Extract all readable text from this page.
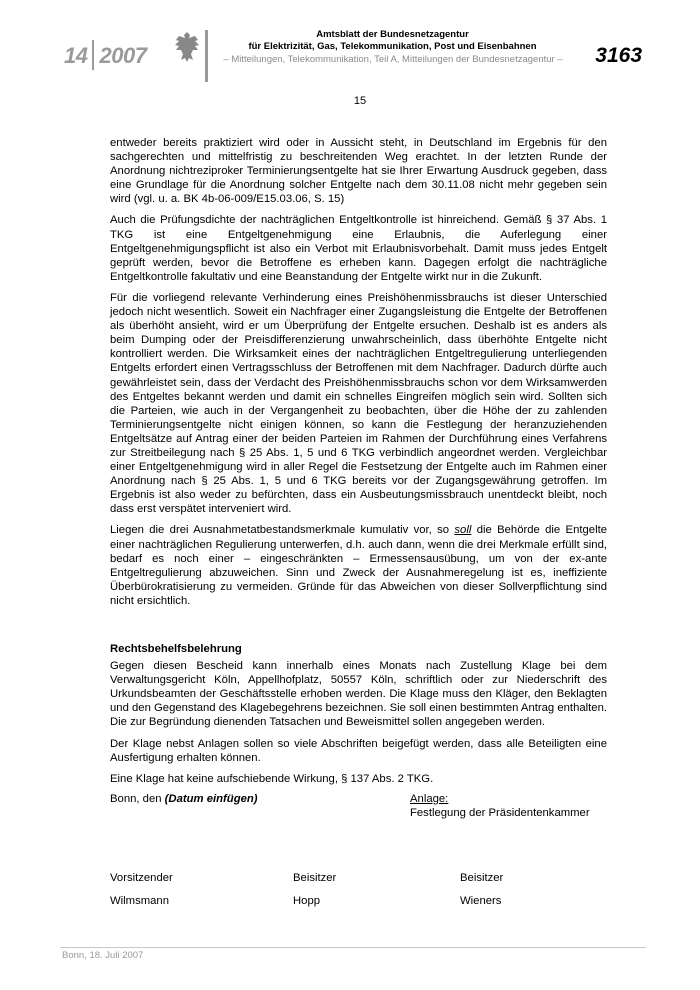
14 2007
Amtsblatt der Bundesnetzagentur
für Elektrizität, Gas, Telekommunikation, Post und Eisenbahnen
– Mitteilungen, Telekommunikation, Teil A, Mitteilungen der Bundesnetzagentur –	3163
15

entweder bereits praktiziert wird oder in Aussicht steht, in Deutschland im Ergebnis für den sachgerechten und mittelfristig zu beschreitenden Weg erachtet. In der letzten Runde der Anordnung nichtreziproker Terminierungsentgelte hat sie Ihrer Erwartung Ausdruck gegeben, dass eine Grundlage für die Anordnung solcher Entgelte nach dem 30.11.08 nicht mehr gegeben sein wird (vgl. u. a. BK 4b-06-009/E15.03.06, S. 15)

Auch die Prüfungsdichte der nachträglichen Entgeltkontrolle ist hinreichend. Gemäß § 37 Abs. 1 TKG ist eine Entgeltgenehmigung eine Erlaubnis, die Auferlegung einer Entgeltgenehmigungspflicht ist also ein Verbot mit Erlaubnisvorbehalt. Damit muss jedes Entgelt geprüft werden, bevor die Betroffene es erheben kann. Dagegen erfolgt die nachträgliche Entgeltkontrolle fakultativ und eine Beanstandung der Entgelte wirkt nur in die Zukunft.

Für die vorliegend relevante Verhinderung eines Preishöhenmissbrauchs ist dieser Unterschied jedoch nicht wesentlich. Soweit ein Nachfrager einer Zugangsleistung die Entgelte der Betroffenen als überhöht ansieht, wird er um Überprüfung der Entgelte ersuchen. Deshalb ist es anders als beim Dumping oder der Preisdifferenzierung unwahrscheinlich, dass überhöhte Entgelte nicht kontrolliert werden. Die Wirksamkeit eines der nachträglichen Entgeltregulierung unterliegenden Entgelts erfordert einen Vertragsschluss der Betroffenen mit dem Nachfrager. Dadurch dürfte auch gewährleistet sein, dass der Verdacht des Preishöhenmissbrauchs schon vor dem Wirksamwerden des Entgeltes bekannt werden und damit ein schnelles Eingreifen möglich sein wird. Sollten sich die Parteien, wie auch in der Vergangenheit zu beobachten, über die Höhe der zu zahlenden Terminierungsentgelte nicht einigen können, so kann die Festlegung der heranzuziehenden Entgeltsätze auf Antrag einer der beiden Parteien im Rahmen der Durchführung eines Verfahrens zur Streitbeilegung nach § 25 Abs. 1, 5 und 6 TKG verbindlich angeordnet werden. Vergleichbar einer Entgeltgenehmigung wird in aller Regel die Festsetzung der Entgelte auch im Rahmen einer Anordnung nach § 25 Abs. 1, 5 und 6 TKG bereits vor der Zugangsgewährung getroffen. Im Ergebnis ist also weder zu befürchten, dass ein Ausbeutungsmissbrauch unentdeckt bleibt, noch dass erst verspätet interveniert wird.

Liegen die drei Ausnahmetatbestandsmerkmale kumulativ vor, so soll die Behörde die Entgelte einer nachträglichen Regulierung unterwerfen, d.h. auch dann, wenn die drei Merkmale erfüllt sind, bedarf es noch einer – eingeschränkten – Ermessensausübung, um von der ex-ante Entgeltregulierung abzuweichen. Sinn und Zweck der Ausnahmeregelung ist es, ineffiziente Überbürokratisierung zu vermeiden. Gründe für das Abweichen von dieser Sollverpflichtung sind nicht ersichtlich.

Rechtsbehelfsbelehrung

Gegen diesen Bescheid kann innerhalb eines Monats nach Zustellung Klage bei dem Verwaltungsgericht Köln, Appellhofplatz, 50557 Köln, schriftlich oder zur Niederschrift des Urkundsbeamten der Geschäftsstelle erhoben werden. Die Klage muss den Kläger, den Beklagten und den Gegenstand des Klagebegehrens bezeichnen. Sie soll einen bestimmten Antrag enthalten. Die zur Begründung dienenden Tatsachen und Beweismittel sollen angegeben werden.

Der Klage nebst Anlagen sollen so viele Abschriften beigefügt werden, dass alle Beteiligten eine Ausfertigung erhalten können.

Eine Klage hat keine aufschiebende Wirkung, § 137 Abs. 2 TKG.

Bonn, den (Datum einfügen)	Anlage:
Festlegung der Präsidentenkammer
Vorsitzender	Beisitzer	Beisitzer
Wilmsmann	Hopp	Wieners
Bonn, 18. Juli 2007
